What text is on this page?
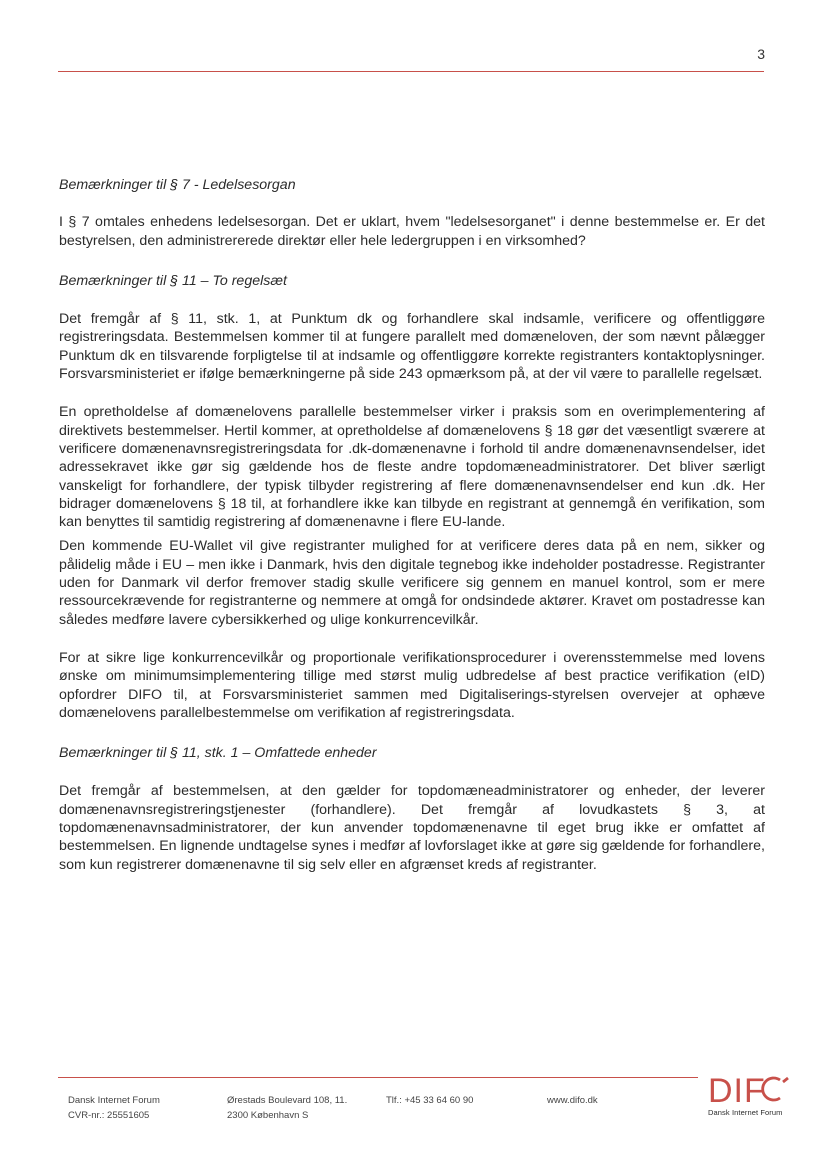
3

Bemærkninger til § 7 - Ledelsesorgan

I § 7 omtales enhedens ledelsesorgan. Det er uklart, hvem "ledelsesorganet" i denne bestemmelse er. Er det bestyrelsen, den administrererede direktør eller hele ledergruppen i en virksomhed?

Bemærkninger til § 11 – To regelsæt

Det fremgår af § 11, stk. 1, at Punktum dk og forhandlere skal indsamle, verificere og offentliggøre registreringsdata. Bestemmelsen kommer til at fungere parallelt med domæneloven, der som nævnt pålægger Punktum dk en tilsvarende forpligtelse til at indsamle og offentliggøre korrekte registranters kontaktoplysninger. Forsvarsministeriet er ifølge bemærkningerne på side 243 opmærksom på, at der vil være to parallelle regelsæt.

En opretholdelse af domænelovens parallelle bestemmelser virker i praksis som en overimplementering af direktivets bestemmelser. Hertil kommer, at opretholdelse af domænelovens § 18 gør det væsentligt sværere at verificere domænenavnsregistreringsdata for .dk-domænenavne i forhold til andre domænenavnsendelser, idet adressekravet ikke gør sig gældende hos de fleste andre topdomæneadministratorer. Det bliver særligt vanskeligt for forhandlere, der typisk tilbyder registrering af flere domænenavnsendelser end kun .dk. Her bidrager domænelovens § 18 til, at forhandlere ikke kan tilbyde en registrant at gennemgå én verifikation, som kan benyttes til samtidig registrering af domænenavne i flere EU-lande.

Den kommende EU-Wallet vil give registranter mulighed for at verificere deres data på en nem, sikker og pålidelig måde i EU – men ikke i Danmark, hvis den digitale tegnebog ikke indeholder postadresse. Registranter uden for Danmark vil derfor fremover stadig skulle verificere sig gennem en manuel kontrol, som er mere ressourcekrævende for registranterne og nemmere at omgå for ondsindede aktører. Kravet om postadresse kan således medføre lavere cybersikkerhed og ulige konkurrencevilkår.

For at sikre lige konkurrencevilkår og proportionale verifikationsprocedurer i overensstemmelse med lovens ønske om minimumsimplementering tillige med størst mulig udbredelse af best practice verifikation (eID) opfordrer DIFO til, at Forsvarsministeriet sammen med Digitaliserings-styrelsen overvejer at ophæve domænelovens parallelbestemmelse om verifikation af registreringsdata.

Bemærkninger til § 11, stk. 1 – Omfattede enheder

Det fremgår af bestemmelsen, at den gælder for topdomæneadministratorer og enheder, der leverer domænenavnsregistreringstjenester (forhandlere). Det fremgår af lovudkastets § 3, at topdomænenavnsadministratorer, der kun anvender topdomænenavne til eget brug ikke er omfattet af bestemmelsen. En lignende undtagelse synes i medfør af lovforslaget ikke at gøre sig gældende for forhandlere, som kun registrerer domænenavne til sig selv eller en afgrænset kreds af registranter.

Dansk Internet Forum
CVR-nr.: 25551605
Ørestads Boulevard 108, 11.
2300 København S
Tlf.: +45 33 64 60 90	www.difo.dk	DIF
Dansk Internet Forum
